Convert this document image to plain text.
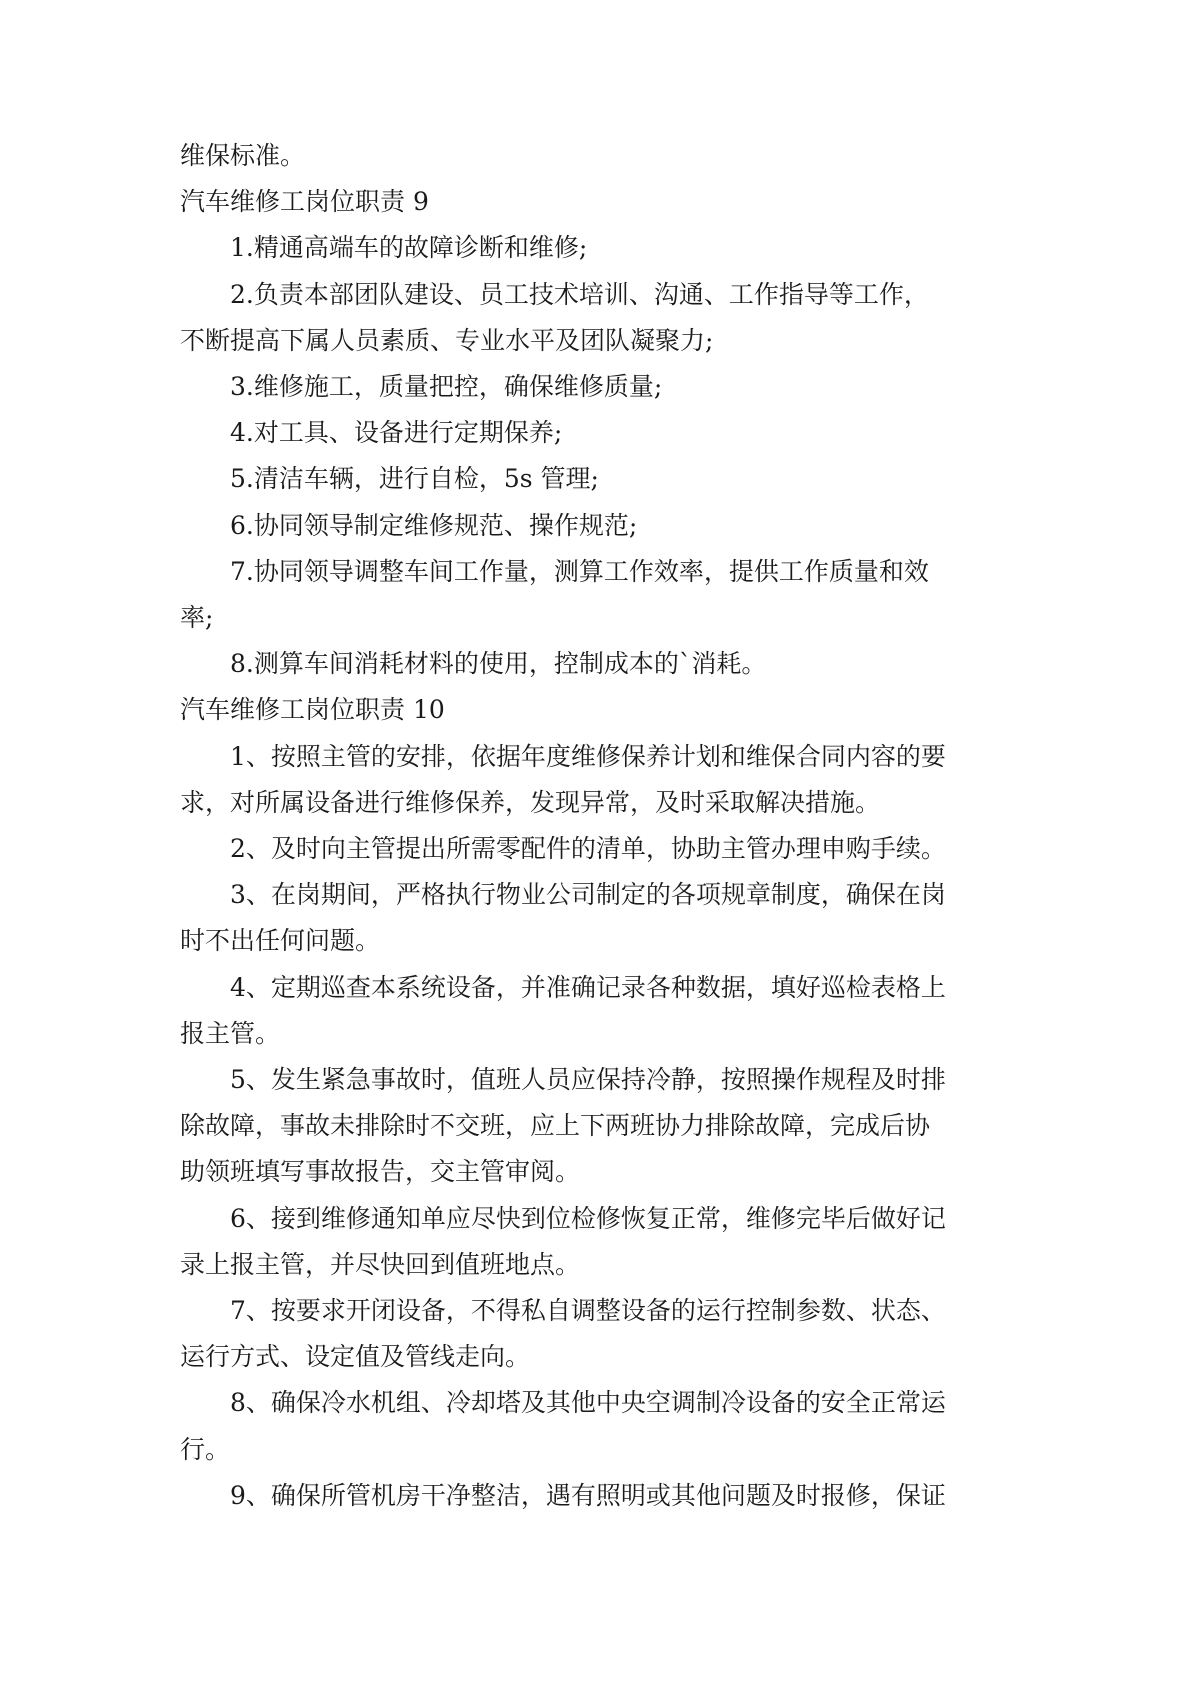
维保标准。

汽车维修工岗位职责 9

1.精通高端车的故障诊断和维修;

2.负责本部团队建设、员工技术培训、沟通、工作指导等工作，

不断提高下属人员素质、专业水平及团队凝聚力;

3.维修施工，质量把控，确保维修质量;

4.对工具、设备进行定期保养;

5.清洁车辆，进行自检，5s 管理;

6.协同领导制定维修规范、操作规范;

7.协同领导调整车间工作量，测算工作效率，提供工作质量和效

率;

8.测算车间消耗材料的使用，控制成本的`消耗。

汽车维修工岗位职责 10

1、按照主管的安排，依据年度维修保养计划和维保合同内容的要

求，对所属设备进行维修保养，发现异常，及时采取解决措施。

2、及时向主管提出所需零配件的清单，协助主管办理申购手续。

3、在岗期间，严格执行物业公司制定的各项规章制度，确保在岗

时不出任何问题。

4、定期巡查本系统设备，并准确记录各种数据，填好巡检表格上

报主管。

5、发生紧急事故时，值班人员应保持冷静，按照操作规程及时排

除故障，事故未排除时不交班，应上下两班协力排除故障，完成后协

助领班填写事故报告，交主管审阅。

6、接到维修通知单应尽快到位检修恢复正常，维修完毕后做好记

录上报主管，并尽快回到值班地点。

7、按要求开闭设备，不得私自调整设备的运行控制参数、状态、

运行方式、设定值及管线走向。

8、确保冷水机组、冷却塔及其他中央空调制冷设备的安全正常运

行。

9、确保所管机房干净整洁，遇有照明或其他问题及时报修，保证
